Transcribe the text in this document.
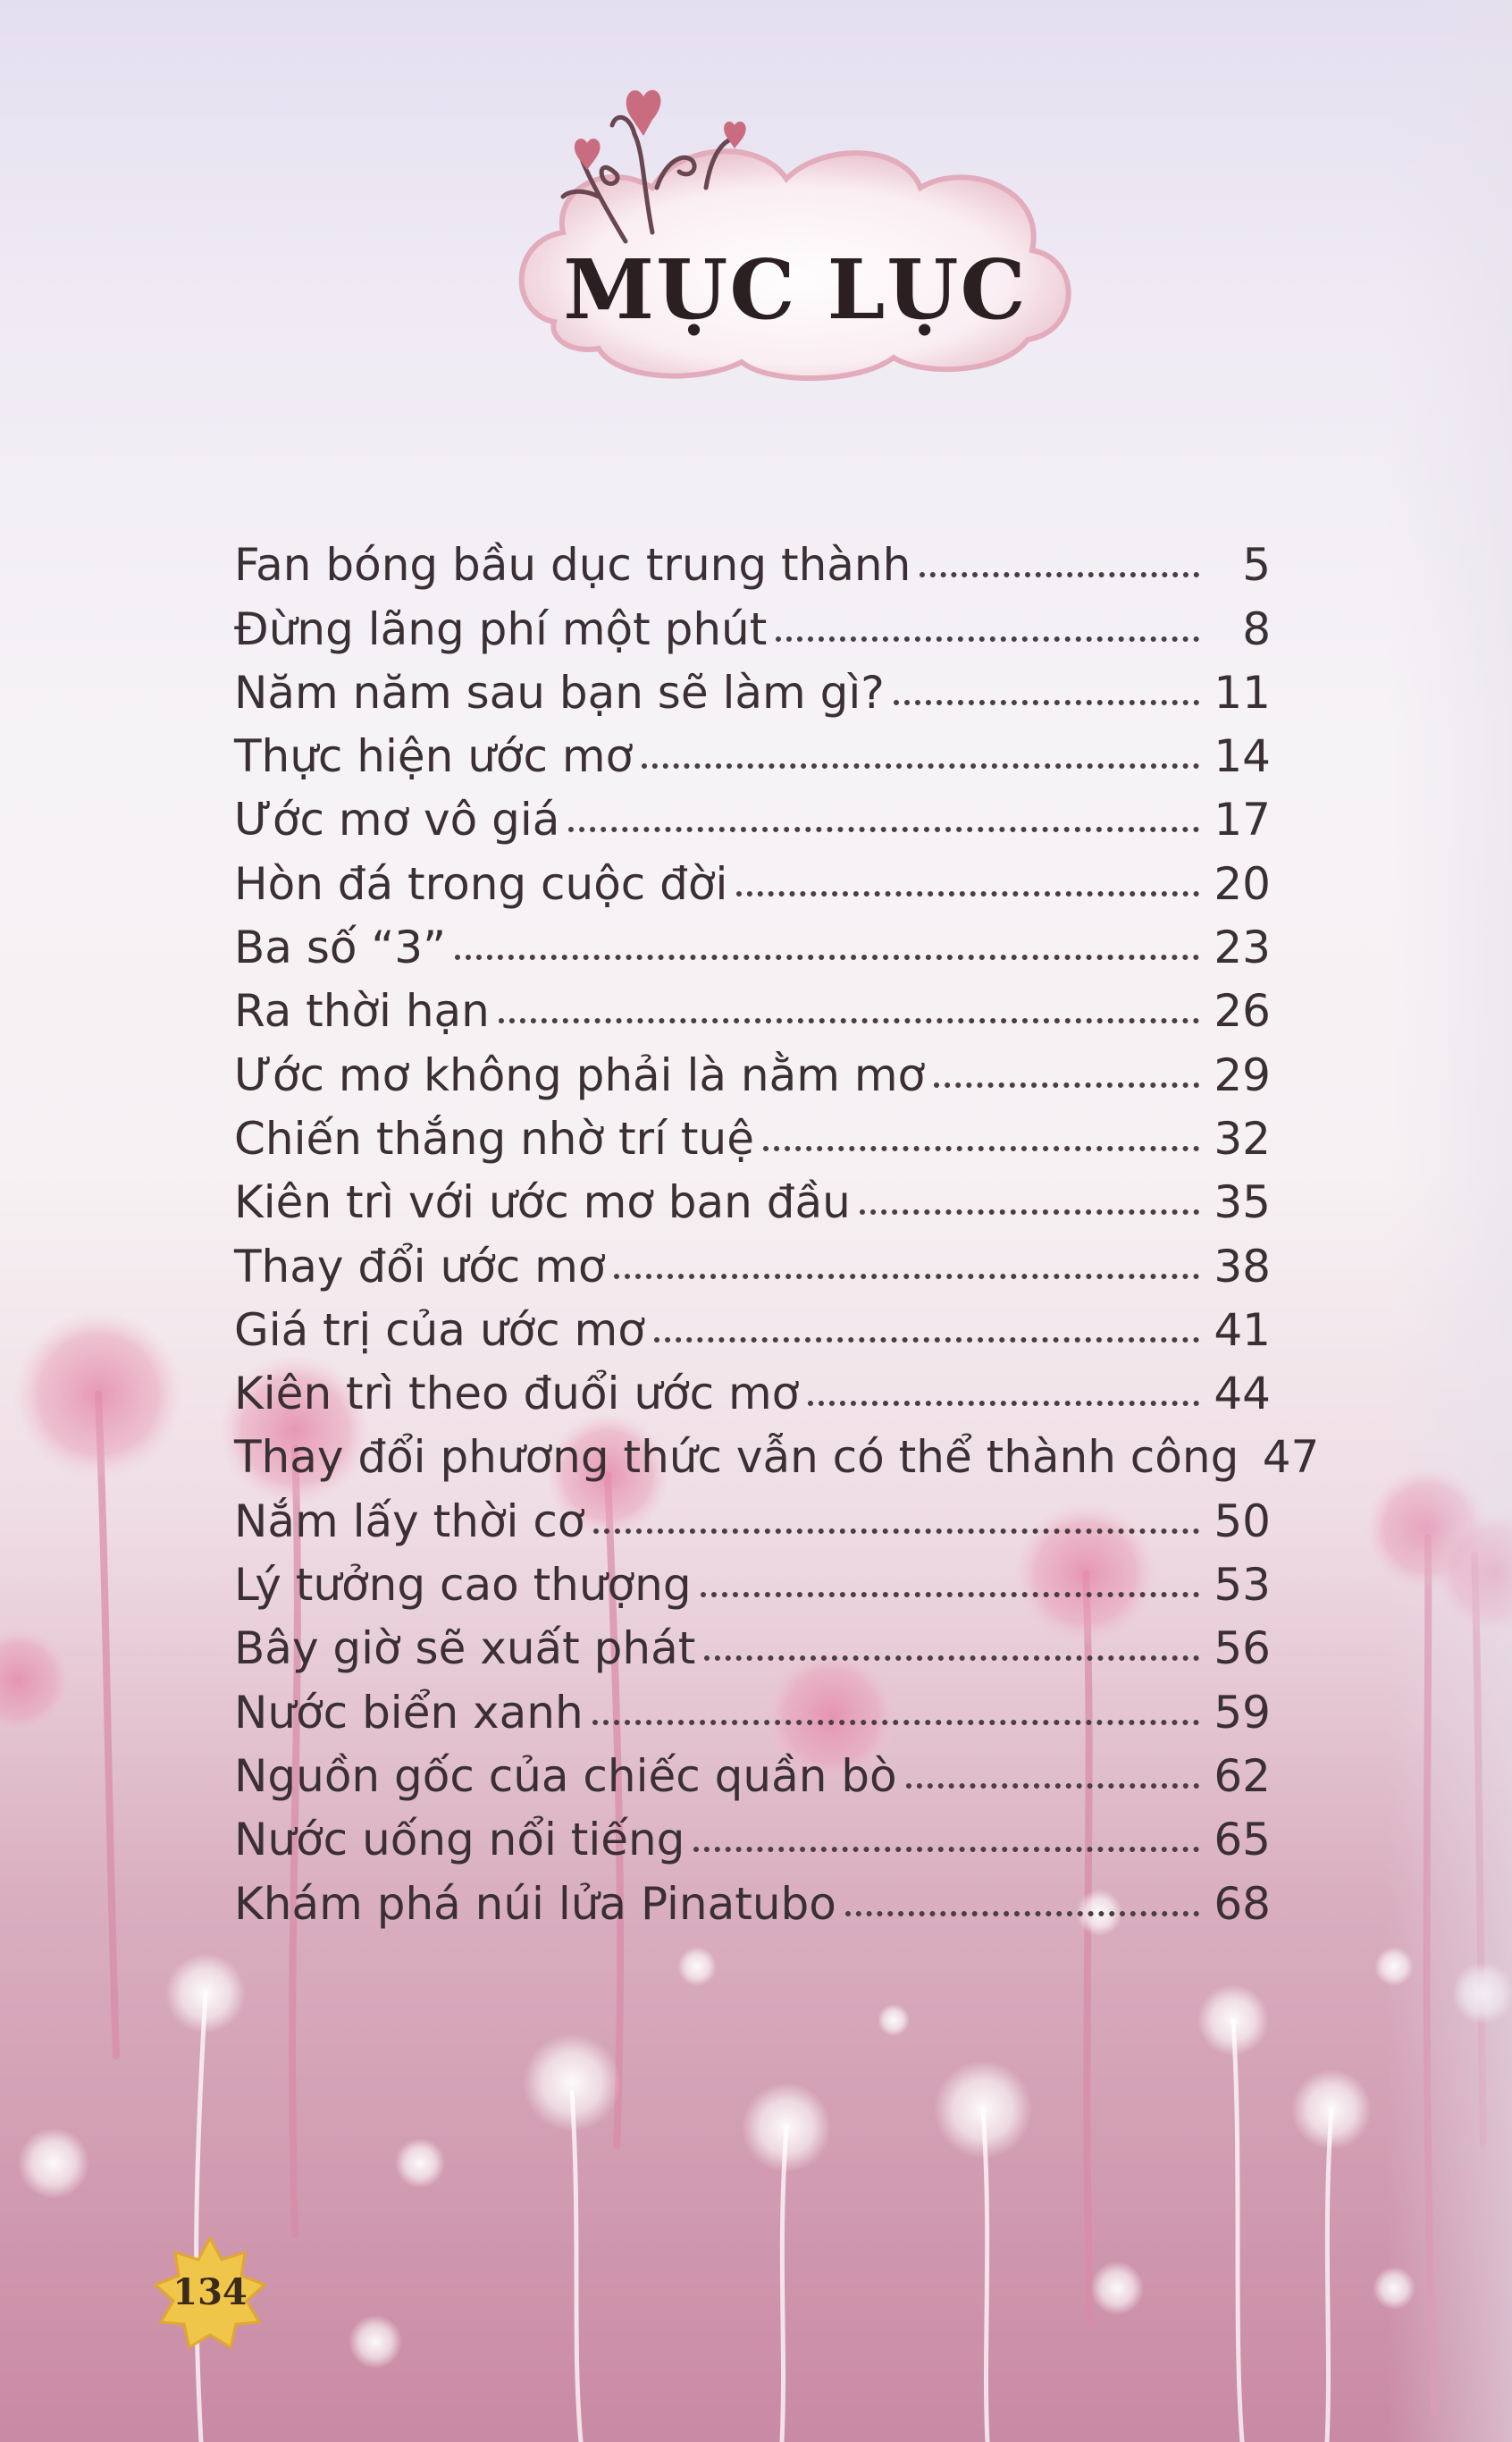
MỤC LỤC
Fan bóng bầu dục trung thành	5
Đừng lãng phí một phút	8
Năm năm sau bạn sẽ làm gì?	11
Thực hiện ước mơ	14
Ước mơ vô giá	17
Hòn đá trong cuộc đời	20
Ba số “3”	23
Ra thời hạn	26
Ước mơ không phải là nằm mơ	29
Chiến thắng nhờ trí tuệ	32
Kiên trì với ước mơ ban đầu	35
Thay đổi ước mơ	38
Giá trị của ước mơ	41
Kiên trì theo đuổi ước mơ	44
Thay đổi phương thức vẫn có thể thành công 47
Nắm lấy thời cơ	50
Lý tưởng cao thượng	53
Bây giờ sẽ xuất phát	56
Nước biển xanh	59
Nguồn gốc của chiếc quần bò	62
Nước uống nổi tiếng	65
Khám phá núi lửa Pinatubo	68
134
